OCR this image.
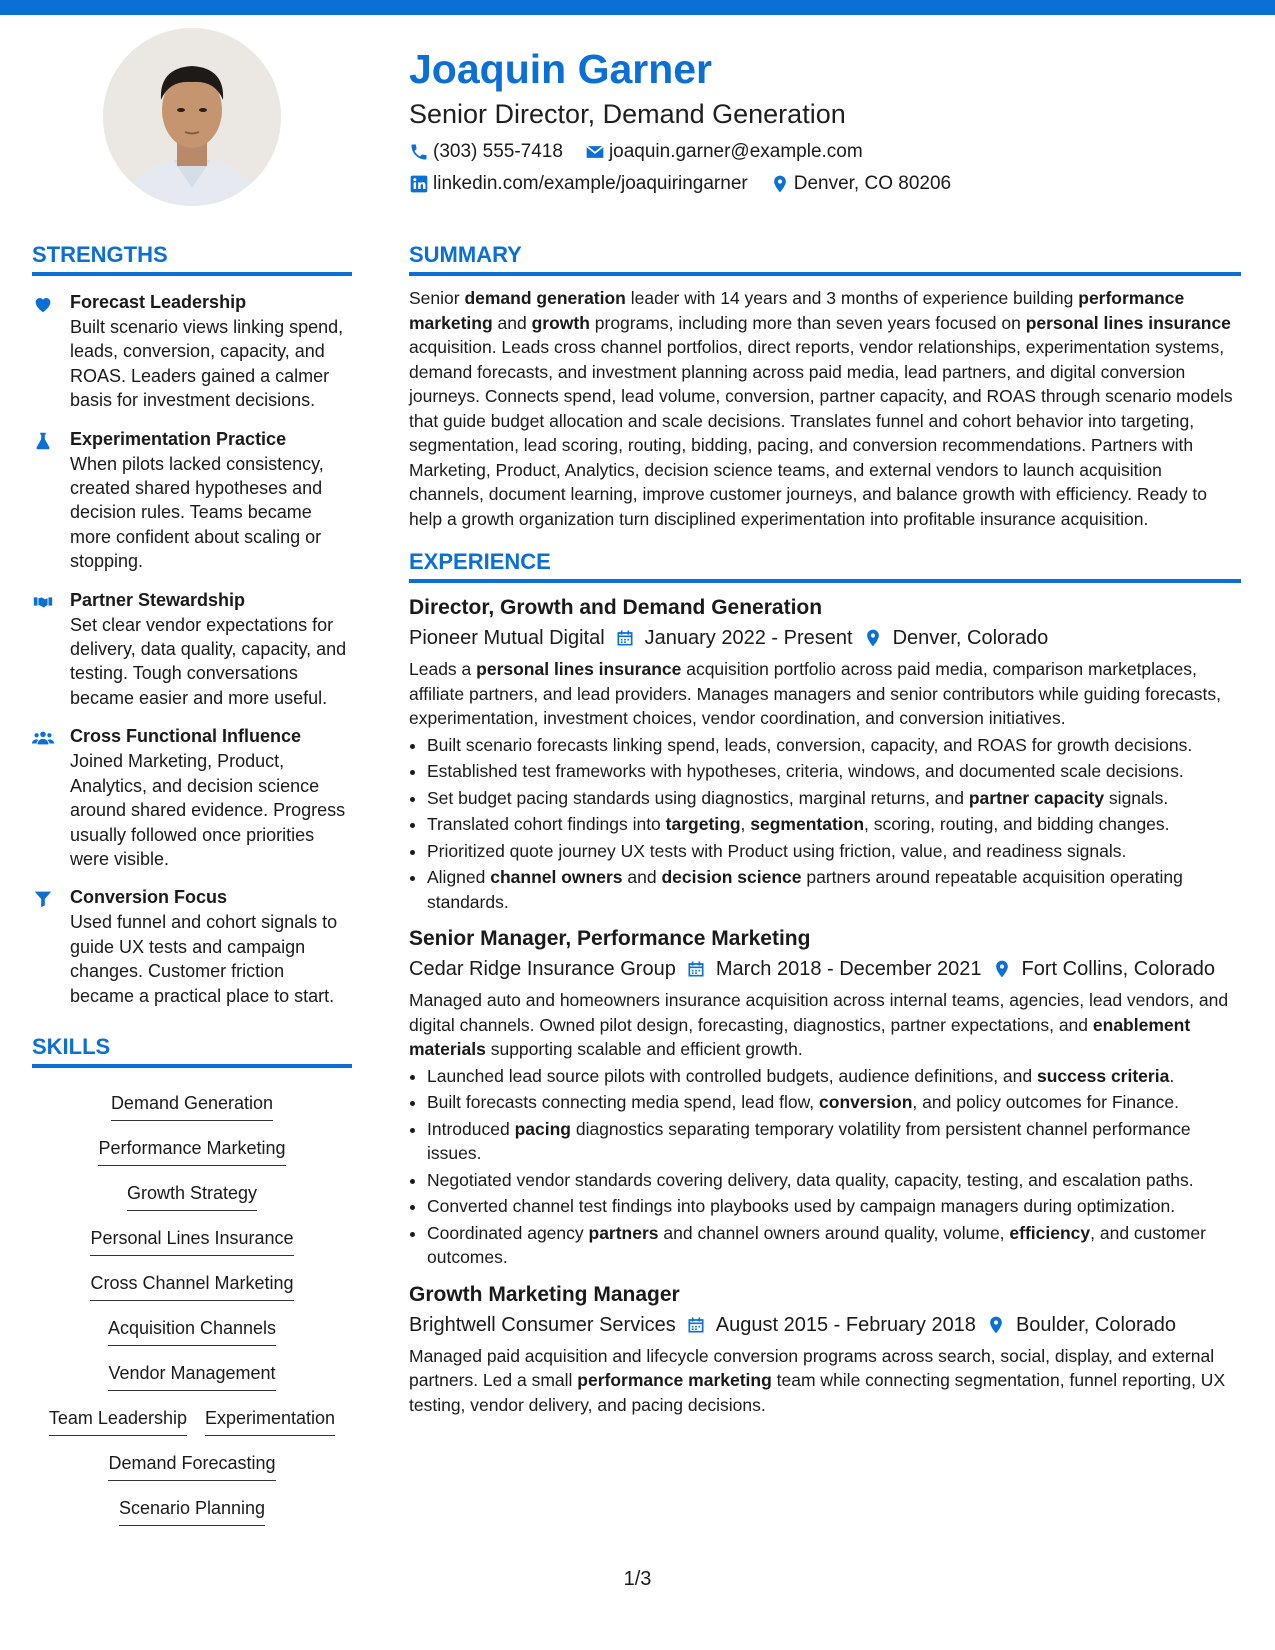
Joaquin Garner
Senior Director, Demand Generation
(303) 555-7418 joaquin.garner@example.com
linkedin.com/example/joaquiringarner Denver, CO 80206
STRENGTHS

Forecast Leadership

Built scenario views linking spend, leads, conversion, capacity, and ROAS. Leaders gained a calmer basis for investment decisions.

Experimentation Practice

When pilots lacked consistency, created shared hypotheses and decision rules. Teams became more confident about scaling or stopping.

Partner Stewardship

Set clear vendor expectations for delivery, data quality, capacity, and testing. Tough conversations became easier and more useful.

Cross Functional Influence

Joined Marketing, Product, Analytics, and decision science around shared evidence. Progress usually followed once priorities were visible.

Conversion Focus

Used funnel and cohort signals to guide UX tests and campaign changes. Customer friction became a practical place to start.

SKILLS
Demand Generation
Performance Marketing
Growth Strategy
Personal Lines Insurance
Cross Channel Marketing
Acquisition Channels
Vendor Management
Team Leadership Experimentation
Demand Forecasting
Scenario Planning
SUMMARY

Senior demand generation leader with 14 years and 3 months of experience building performance marketing and growth programs, including more than seven years focused on personal lines insurance acquisition. Leads cross channel portfolios, direct reports, vendor relationships, experimentation systems, demand forecasts, and investment planning across paid media, lead partners, and digital conversion journeys. Connects spend, lead volume, conversion, partner capacity, and ROAS through scenario models that guide budget allocation and scale decisions. Translates funnel and cohort behavior into targeting, segmentation, lead scoring, routing, bidding, pacing, and conversion recommendations. Partners with Marketing, Product, Analytics, decision science teams, and external vendors to launch acquisition channels, document learning, improve customer journeys, and balance growth with efficiency. Ready to help a growth organization turn disciplined experimentation into profitable insurance acquisition.

EXPERIENCE

Director, Growth and Demand Generation

Pioneer Mutual Digital January 2022 - Present Denver, Colorado

Leads a personal lines insurance acquisition portfolio across paid media, comparison marketplaces, affiliate partners, and lead providers. Manages managers and senior contributors while guiding forecasts, experimentation, investment choices, vendor coordination, and conversion initiatives.

• Built scenario forecasts linking spend, leads, conversion, capacity, and ROAS for growth decisions.
• Established test frameworks with hypotheses, criteria, windows, and documented scale decisions.
• Set budget pacing standards using diagnostics, marginal returns, and partner capacity signals.
• Translated cohort findings into targeting, segmentation, scoring, routing, and bidding changes.
• Prioritized quote journey UX tests with Product using friction, value, and readiness signals.
• Aligned channel owners and decision science partners around repeatable acquisition operating standards.

Senior Manager, Performance Marketing

Cedar Ridge Insurance Group March 2018 - December 2021 Fort Collins, Colorado

Managed auto and homeowners insurance acquisition across internal teams, agencies, lead vendors, and digital channels. Owned pilot design, forecasting, diagnostics, partner expectations, and enablement materials supporting scalable and efficient growth.

• Launched lead source pilots with controlled budgets, audience definitions, and success criteria.
• Built forecasts connecting media spend, lead flow, conversion, and policy outcomes for Finance.
• Introduced pacing diagnostics separating temporary volatility from persistent channel performance issues.
• Negotiated vendor standards covering delivery, data quality, capacity, testing, and escalation paths.
• Converted channel test findings into playbooks used by campaign managers during optimization.
• Coordinated agency partners and channel owners around quality, volume, efficiency, and customer outcomes.

Growth Marketing Manager

Brightwell Consumer Services August 2015 - February 2018 Boulder, Colorado

Managed paid acquisition and lifecycle conversion programs across search, social, display, and external partners. Led a small performance marketing team while connecting segmentation, funnel reporting, UX testing, vendor delivery, and pacing decisions.

1/3
